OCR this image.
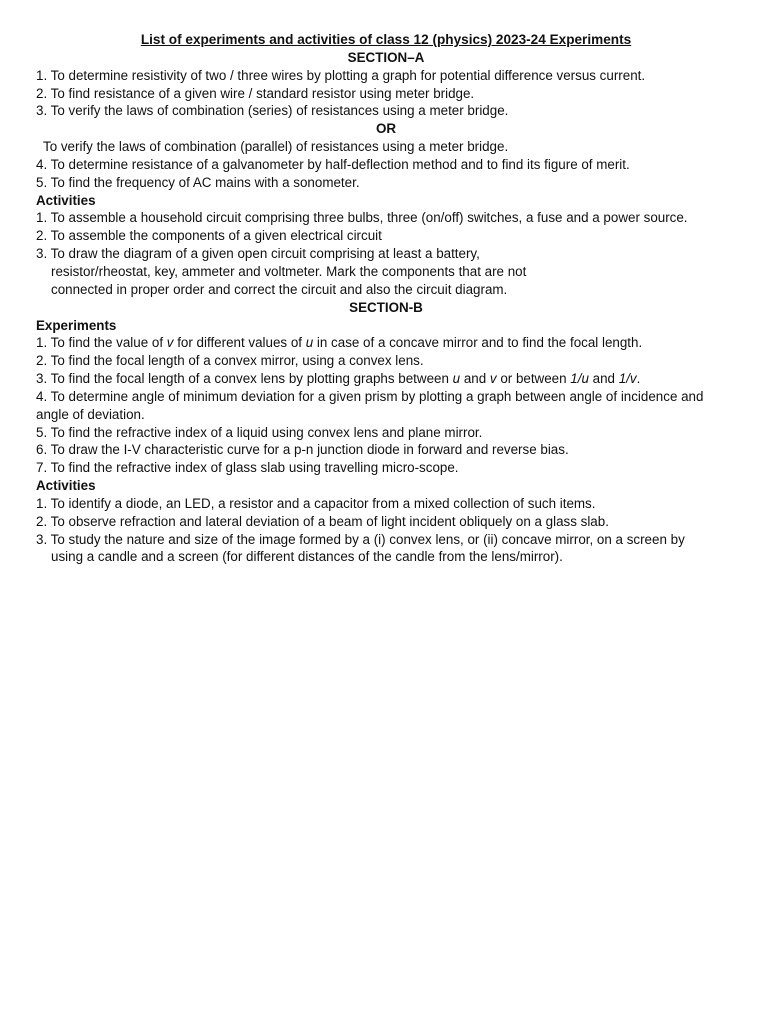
List of experiments and activities of class 12 (physics) 2023-24 Experiments
SECTION–A
1. To determine resistivity of two / three wires by plotting a graph for potential difference versus current.
2. To find resistance of a given wire / standard resistor using meter bridge.
3. To verify the laws of combination (series) of resistances using a meter bridge.
OR
To verify the laws of combination (parallel) of resistances using a meter bridge.
4. To determine resistance of a galvanometer by half-deflection method and to find its figure of merit.
5. To find the frequency of AC mains with a sonometer.
Activities
1. To assemble a household circuit comprising three bulbs, three (on/off) switches, a fuse and a power source.
2. To assemble the components of a given electrical circuit
3. To draw the diagram of a given open circuit comprising at least a battery,
resistor/rheostat, key, ammeter and voltmeter. Mark the components that are not
connected in proper order and correct the circuit and also the circuit diagram.
SECTION-B
Experiments
1. To find the value of v for different values of u in case of a concave mirror and to find the focal length.
2. To find the focal length of a convex mirror, using a convex lens.
3. To find the focal length of a convex lens by plotting graphs between u and v or between 1/u and 1/v.
4. To determine angle of minimum deviation for a given prism by plotting a graph between angle of incidence and angle of deviation.
5. To find the refractive index of a liquid using convex lens and plane mirror.
6. To draw the I-V characteristic curve for a p-n junction diode in forward and reverse bias.
7. To find the refractive index of glass slab using travelling micro-scope.
Activities
1. To identify a diode, an LED, a resistor and a capacitor from a mixed collection of such items.
2. To observe refraction and lateral deviation of a beam of light incident obliquely on a glass slab.
3. To study the nature and size of the image formed by a (i) convex lens, or (ii) concave mirror, on a screen by
using a candle and a screen (for different distances of the candle from the lens/mirror).
